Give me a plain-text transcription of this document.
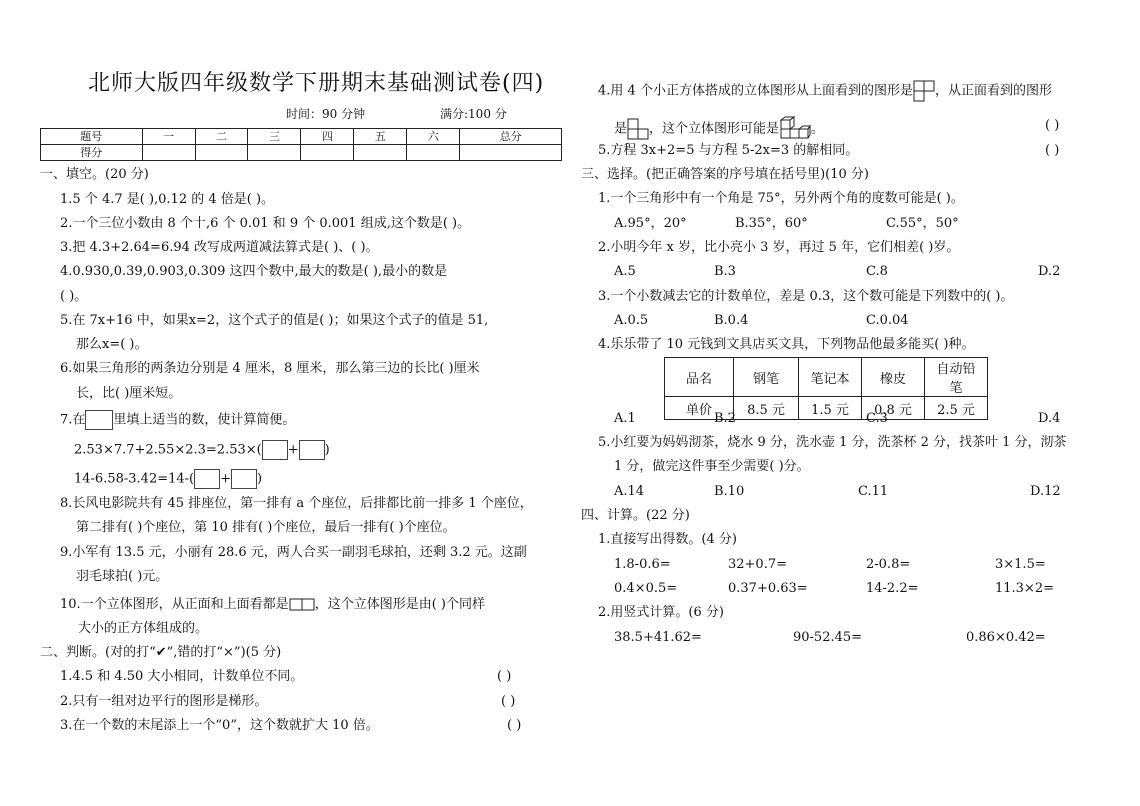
北师大版四年级数学下册期末基础测试卷(四)
时间：90 分钟	满分:100 分
题号	一	二	三	四	五	六	总分
得分							
一、填空。(20 分)
1.5 个 4.7 是( ),0.12 的 4 倍是( )。
2.一个三位小数由 8 个十,6 个 0.01 和 9 个 0.001 组成,这个数是( )。
3.把 4.3+2.64=6.94 改写成两道减法算式是( )、( )。
4.0.930,0.39,0.903,0.309 这四个数中,最大的数是( ),最小的数是
( )。
5.在 7x+16 中，如果x=2，这个式子的值是( )；如果这个式子的值是 51,
那么x=( )。
6.如果三角形的两条边分别是 4 厘米，8 厘米，那么第三边的长比( )厘米
长，比( )厘米短。
7.在 里填上适当的数，使计算简便。
2.53×7.7+2.55×2.3=2.53×( + )
14-6.58-3.42=14-( + )
8.长风电影院共有 45 排座位，第一排有 a 个座位，后排都比前一排多 1 个座位，
第二排有( )个座位，第 10 排有( )个座位，最后一排有( )个座位。
9.小军有 13.5 元，小丽有 28.6 元，两人合买一副羽毛球拍，还剩 3.2 元。这副
羽毛球拍( )元。
10.一个立体图形，从正面和上面看都是 ，这个立体图形是由( )个同样
大小的正方体组成的。
二、判断。(对的打“✔”,错的打“×”)(5 分)
1.4.5 和 4.50 大小相同，计数单位不同。	( )
2.只有一组对边平行的图形是梯形。	( )
3.在一个数的末尾添上一个“0”，这个数就扩大 10 倍。	( )
4.用 4 个小正方体搭成的立体图形从上面看到的图形是 ，从正面看到的图形
是 ，这个立体图形可能是 。	( )
5.方程 3x+2=5 与方程 5-2x=3 的解相同。	( )
三、选择。(把正确答案的序号填在括号里)(10 分)
1.一个三角形中有一个角是 75°，另外两个角的度数可能是( )。
A.95°，20°	B.35°，60°	C.55°，50°
2.小明今年 x 岁，比小亮小 3 岁，再过 5 年，它们相差( )岁。
A.5	B.3	C.8	D.2
3.一个小数减去它的计数单位，差是 0.3，这个数可能是下列数中的( )。
A.0.5	B.0.4	C.0.04
4.乐乐带了 10 元钱到文具店买文具，下列物品他最多能买( )种。
品名	钢笔	笔记本	橡皮	自动铅笔
单价	8.5 元	1.5 元	0.8 元	2.5 元
A.1	B.2	C.3	D.4
5.小红要为妈妈沏茶，烧水 9 分，洗水壶 1 分，洗茶杯 2 分，找茶叶 1 分，沏茶
1 分，做完这件事至少需要( )分。
A.14	B.10	C.11	D.12
四、计算。(22 分)
1.直接写出得数。(4 分)
1.8-0.6=	32+0.7=	2-0.8=	3×1.5=
0.4×0.5=	0.37+0.63=	14-2.2=	11.3×2=
2.用竖式计算。(6 分)
38.5+41.62=	90-52.45=	0.86×0.42=
